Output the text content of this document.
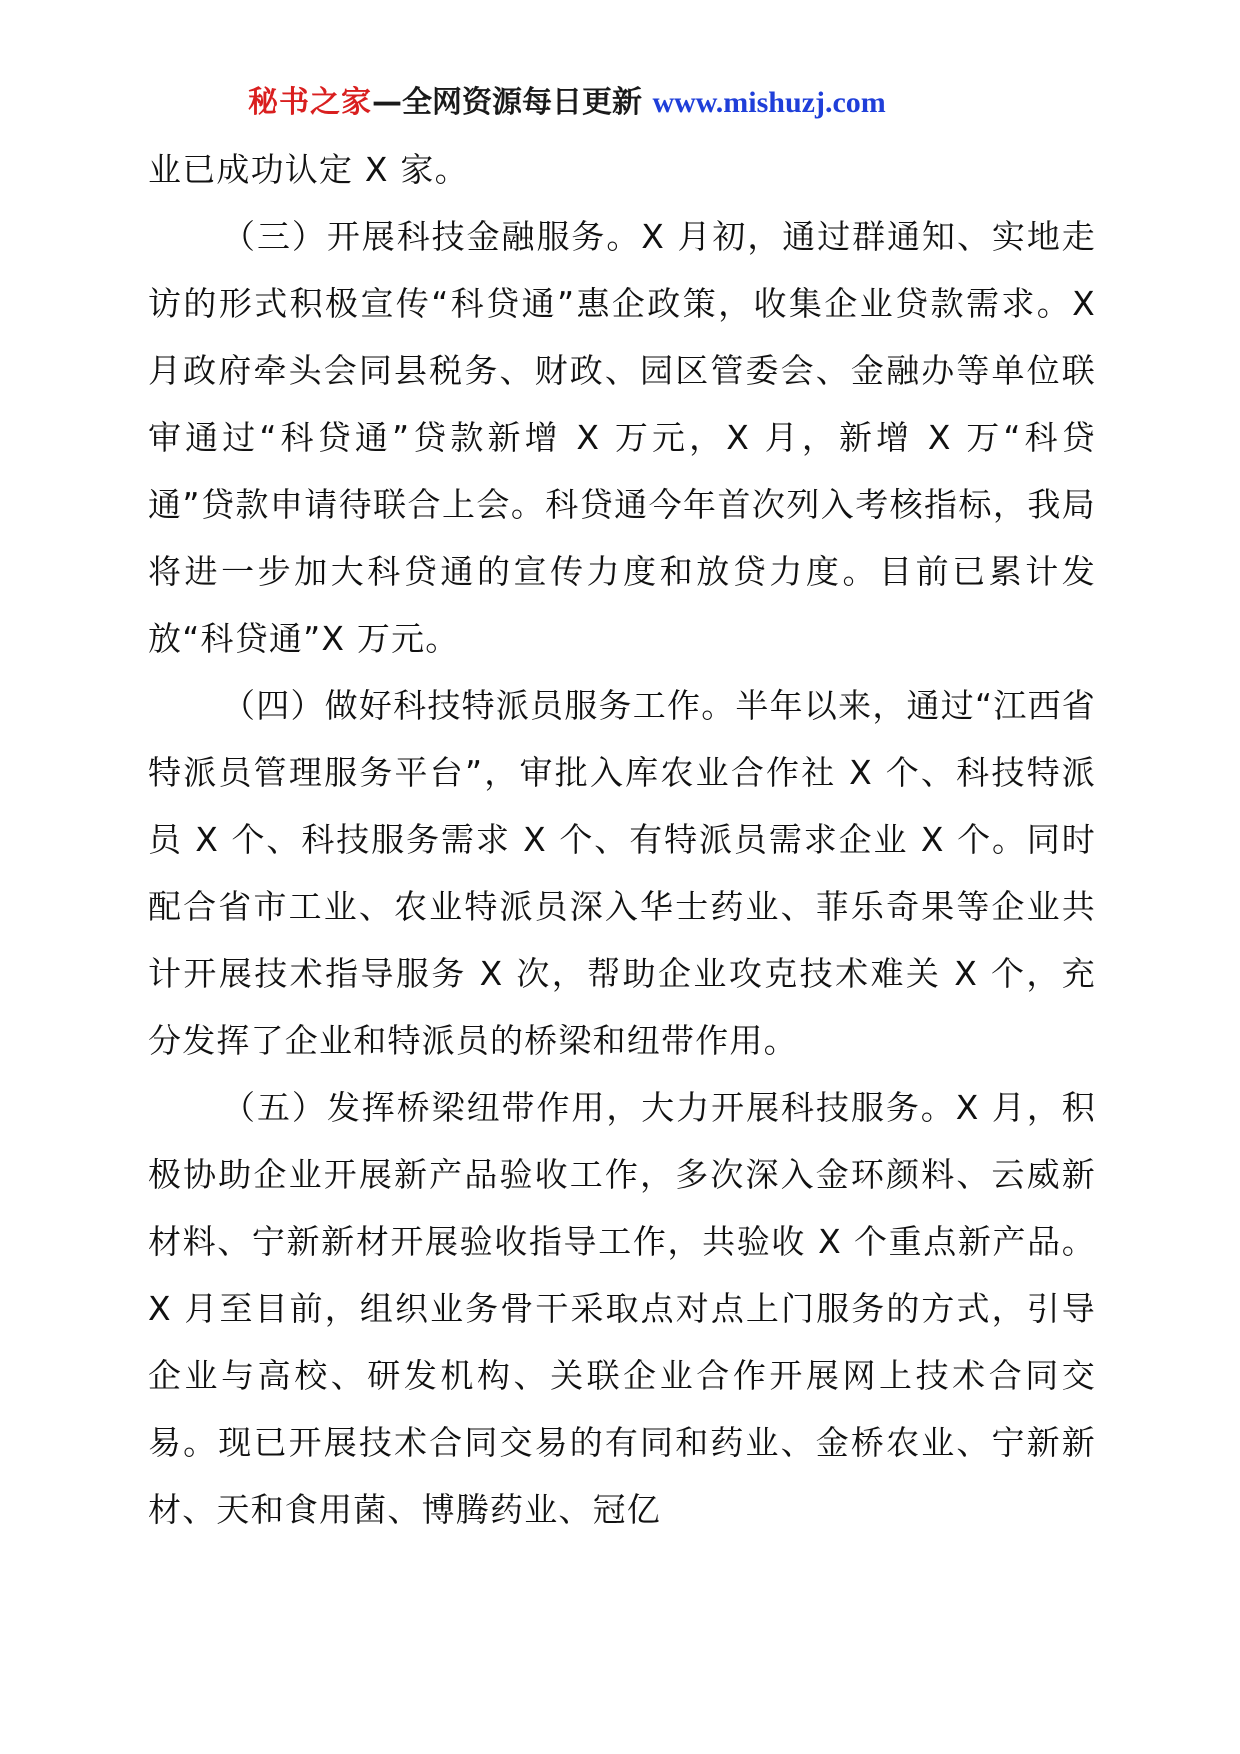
秘书之家—全网资源每日更新 www.mishuzj.com

业已成功认定 X 家。

（三）开展科技金融服务。X 月初，通过群通知、实地走访的形式积极宣传“科贷通”惠企政策，收集企业贷款需求。X 月政府牵头会同县税务、财政、园区管委会、金融办等单位联审通过“科贷通”贷款新增 X 万元，X 月，新增 X 万“科贷通”贷款申请待联合上会。科贷通今年首次列入考核指标，我局将进一步加大科贷通的宣传力度和放贷力度。目前已累计发放“科贷通”X 万元。

（四）做好科技特派员服务工作。半年以来，通过“江西省特派员管理服务平台”，审批入库农业合作社 X 个、科技特派员 X 个、科技服务需求 X 个、有特派员需求企业 X 个。同时配合省市工业、农业特派员深入华士药业、菲乐奇果等企业共计开展技术指导服务 X 次，帮助企业攻克技术难关 X 个，充分发挥了企业和特派员的桥梁和纽带作用。

（五）发挥桥梁纽带作用，大力开展科技服务。X 月，积极协助企业开展新产品验收工作，多次深入金环颜料、云威新材料、宁新新材开展验收指导工作，共验收 X 个重点新产品。X 月至目前，组织业务骨干采取点对点上门服务的方式，引导企业与高校、研发机构、关联企业合作开展网上技术合同交易。现已开展技术合同交易的有同和药业、金桥农业、宁新新材、天和食用菌、博腾药业、冠亿
